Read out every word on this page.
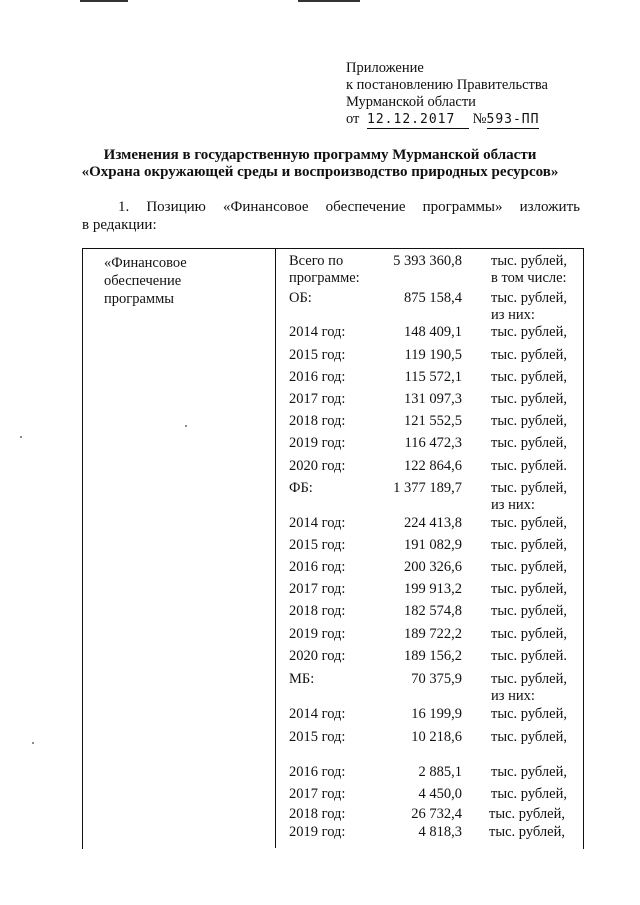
Приложение
к постановлению Правительства
Мурманской области
от 12.12.2017 №593-ПП
Изменения в государственную программу Мурманской области
«Охрана окружающей среды и воспроизводство природных ресурсов»
1. Позицию «Финансовое обеспечение программы» изложить
в редакции:
«Финансовое
обеспечение
программы
Всего по	5 393 360,8 тыс. рублей,
программе:	в том числе:
ОБ:	875 158,4 тыс. рублей,
из них:
2014 год:	148 409,1 тыс. рублей,
2015 год:	119 190,5 тыс. рублей,
2016 год:	115 572,1 тыс. рублей,
2017 год:	131 097,3 тыс. рублей,
2018 год:	121 552,5 тыс. рублей,
2019 год:	116 472,3 тыс. рублей,
2020 год:	122 864,6 тыс. рублей.
ФБ:	1 377 189,7 тыс. рублей,
из них:
2014 год:	224 413,8 тыс. рублей,
2015 год:	191 082,9 тыс. рублей,
2016 год:	200 326,6 тыс. рублей,
2017 год:	199 913,2 тыс. рублей,
2018 год:	182 574,8 тыс. рублей,
2019 год:	189 722,2 тыс. рублей,
2020 год:	189 156,2 тыс. рублей.
МБ:	70 375,9 тыс. рублей,
из них:
2014 год:	16 199,9 тыс. рублей,
2015 год:	10 218,6 тыс. рублей,
2016 год:	2 885,1 тыс. рублей,
2017 год:	4 450,0 тыс. рублей,
2018 год:	26 732,4 тыс. рублей,
2019 год:	4 818,3 тыс. рублей,
